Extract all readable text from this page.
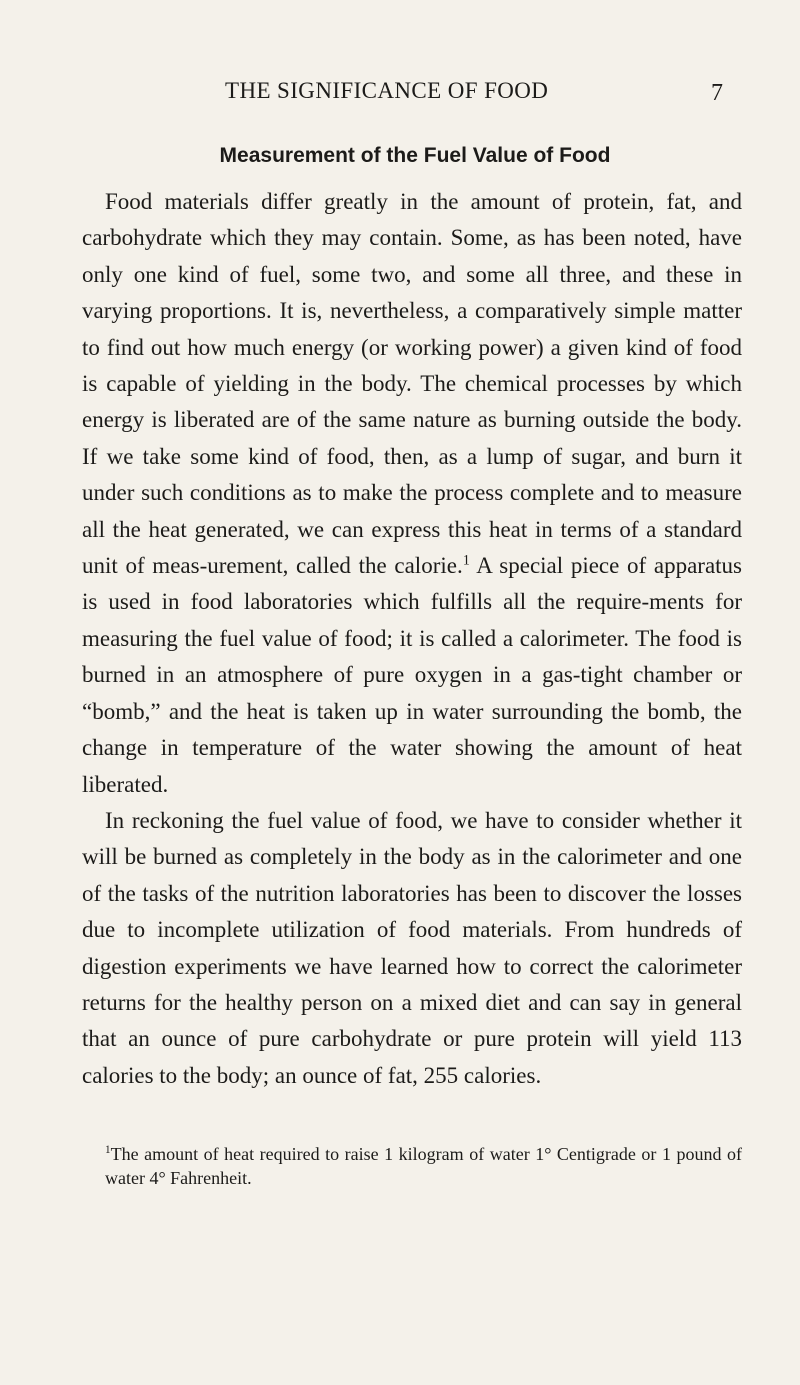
THE SIGNIFICANCE OF FOOD	7
Measurement of the Fuel Value of Food

Food materials differ greatly in the amount of protein, fat, and carbohydrate which they may contain. Some, as has been noted, have only one kind of fuel, some two, and some all three, and these in varying proportions. It is, nevertheless, a comparatively simple matter to find out how much energy (or working power) a given kind of food is capable of yielding in the body. The chemical processes by which energy is liberated are of the same nature as burning outside the body. If we take some kind of food, then, as a lump of sugar, and burn it under such conditions as to make the process complete and to measure all the heat generated, we can express this heat in terms of a standard unit of meas-urement, called the calorie.$^1$ A special piece of apparatus is used in food laboratories which fulfills all the require-ments for measuring the fuel value of food; it is called a calorimeter. The food is burned in an atmosphere of pure oxygen in a gas-tight chamber or “bomb,” and the heat is taken up in water surrounding the bomb, the change in temperature of the water showing the amount of heat liberated.

In reckoning the fuel value of food, we have to consider whether it will be burned as completely in the body as in the calorimeter and one of the tasks of the nutrition laboratories has been to discover the losses due to incomplete utilization of food materials. From hundreds of digestion experiments we have learned how to correct the calorimeter returns for the healthy person on a mixed diet and can say in general that an ounce of pure carbohydrate or pure protein will yield 113 calories to the body; an ounce of fat, 255 calories.

$^1$The amount of heat required to raise 1 kilogram of water 1° Centigrade or 1 pound of water 4° Fahrenheit.
